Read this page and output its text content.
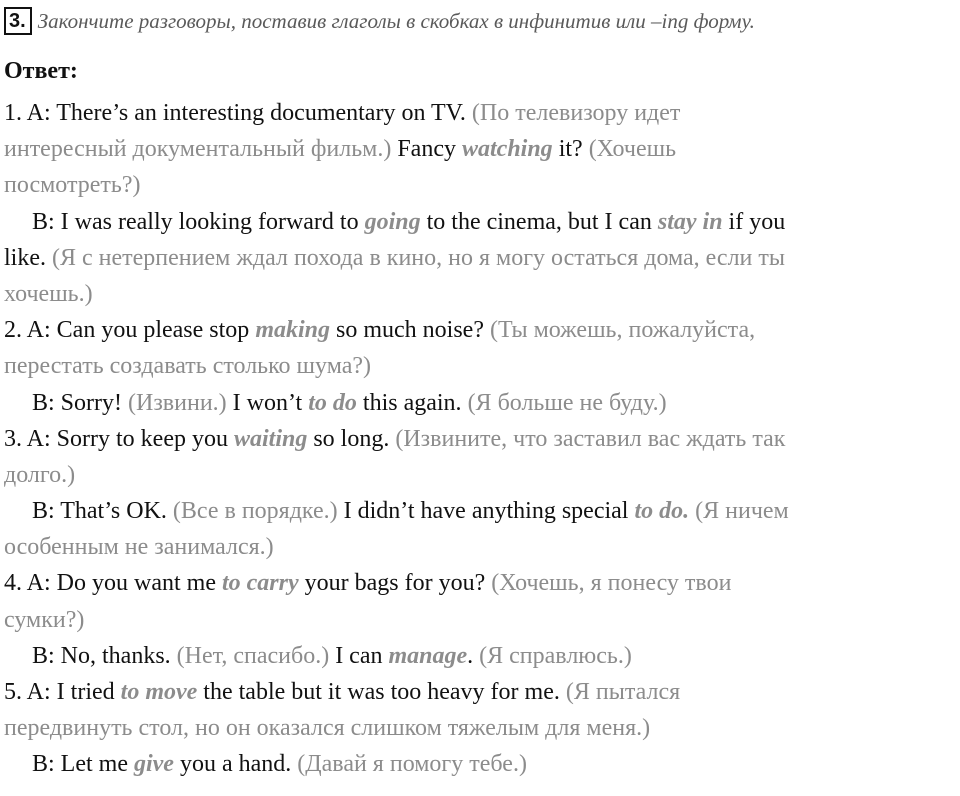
3. Закончите разговоры, поставив глаголы в скобках в инфинитив или –ing форму.
Ответ:
1. A: There’s an interesting documentary on TV. (По телевизору идет
интересный документальный фильм.) Fancy watching it? (Хочешь
посмотреть?)
B: I was really looking forward to going to the cinema, but I can stay in if you
like. (Я с нетерпением ждал похода в кино, но я могу остаться дома, если ты
хочешь.)
2. A: Can you please stop making so much noise? (Ты можешь, пожалуйста,
перестать создавать столько шума?)
B: Sorry! (Извини.) I won’t to do this again. (Я больше не буду.)
3. A: Sorry to keep you waiting so long. (Извините, что заставил вас ждать так
долго.)
B: That’s OK. (Все в порядке.) I didn’t have anything special to do. (Я ничем
особенным не занимался.)
4. A: Do you want me to carry your bags for you? (Хочешь, я понесу твои
сумки?)
B: No, thanks. (Нет, спасибо.) I can manage. (Я справлюсь.)
5. A: I tried to move the table but it was too heavy for me. (Я пытался
передвинуть стол, но он оказался слишком тяжелым для меня.)
B: Let me give you a hand. (Давай я помогу тебе.)
